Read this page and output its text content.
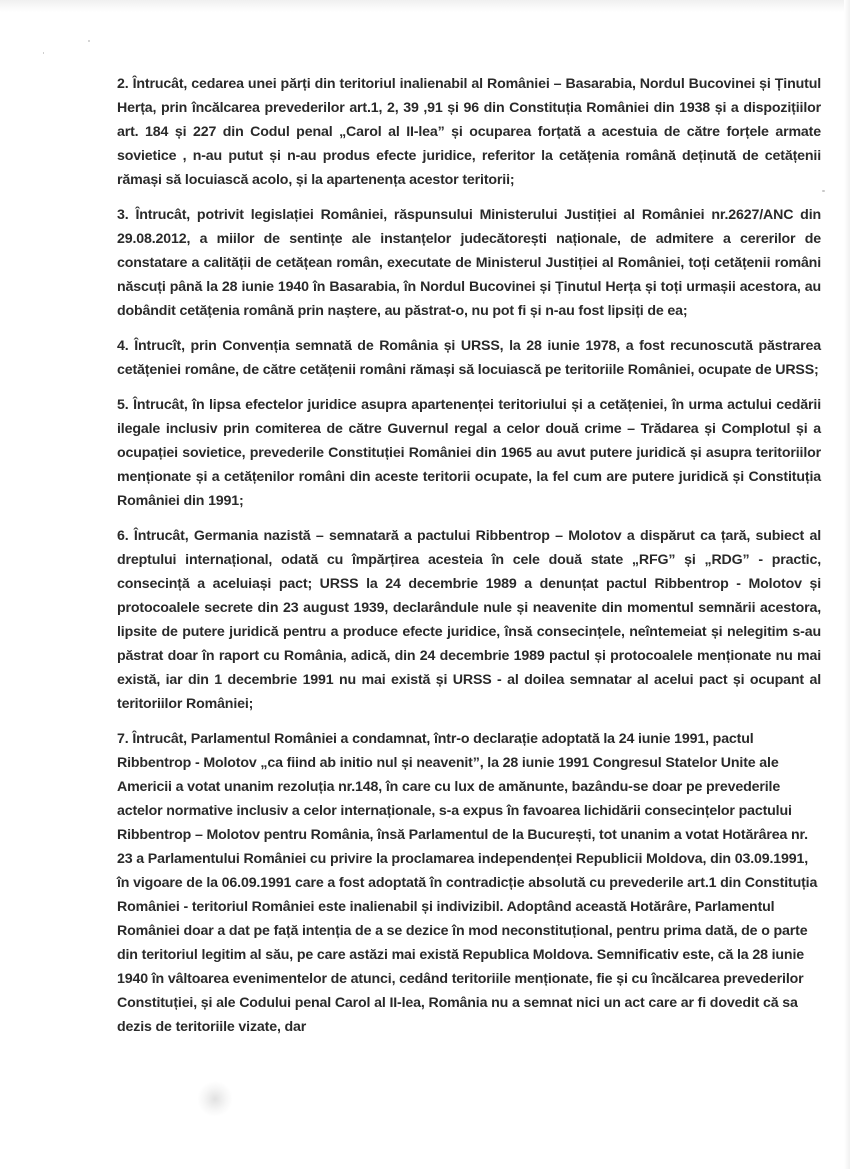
2. Întrucât, cedarea unei părți din teritoriul inalienabil al României – Basarabia, Nordul Bucovinei și Ținutul Herța, prin încălcarea prevederilor art.1, 2, 39 ,91 și 96 din Constituția României din 1938 și a dispozițiilor art. 184 și 227 din Codul penal „Carol al II-lea” și ocuparea forțată a acestuia de către forțele armate sovietice , n-au putut și n-au produs efecte juridice, referitor la cetățenia română deținută de cetățenii rămași să locuiască acolo, și la apartenența acestor teritorii;

3. Întrucât, potrivit legislației României, răspunsului Ministerului Justiției al României nr.2627/ANC din 29.08.2012, a miilor de sentințe ale instanțelor judecătorești naționale, de admitere a cererilor de constatare a calității de cetățean român, executate de Ministerul Justiției al României, toți cetățenii români născuți până la 28 iunie 1940 în Basarabia, în Nordul Bucovinei și Ținutul Herța și toți urmașii acestora, au dobândit cetățenia română prin naștere, au păstrat-o, nu pot fi și n-au fost lipsiți de ea;

4. Întrucît, prin Convenția semnată de România și URSS, la 28 iunie 1978, a fost recunoscută păstrarea cetățeniei române, de către cetățenii români rămași să locuiască pe teritoriile României, ocupate de URSS;

5. Întrucât, în lipsa efectelor juridice asupra apartenenței teritoriului și a cetățeniei, în urma actului cedării ilegale inclusiv prin comiterea de către Guvernul regal a celor două crime – Trădarea și Complotul și a ocupației sovietice, prevederile Constituției României din 1965 au avut putere juridică și asupra teritoriilor menționate și a cetățenilor români din aceste teritorii ocupate, la fel cum are putere juridică și Constituția României din 1991;

6. Întrucât, Germania nazistă – semnatară a pactului Ribbentrop – Molotov a dispărut ca țară, subiect al dreptului internațional, odată cu împărțirea acesteia în cele două state „RFG” și „RDG” - practic, consecință a aceluiași pact; URSS la 24 decembrie 1989 a denunțat pactul Ribbentrop - Molotov și protocoalele secrete din 23 august 1939, declarândule nule și neavenite din momentul semnării acestora, lipsite de putere juridică pentru a produce efecte juridice, însă consecințele, neîntemeiat și nelegitim s-au păstrat doar în raport cu România, adică, din 24 decembrie 1989 pactul și protocoalele menționate nu mai există, iar din 1 decembrie 1991 nu mai există și URSS - al doilea semnatar al acelui pact și ocupant al teritoriilor României;

7. Întrucât, Parlamentul României a condamnat, într-o declarație adoptată la 24 iunie 1991, pactul Ribbentrop - Molotov „ca fiind ab initio nul și neavenit”, la 28 iunie 1991 Congresul Statelor Unite ale Americii a votat unanim rezoluția nr.148, în care cu lux de amănunte, bazându-se doar pe prevederile actelor normative inclusiv a celor internaționale, s-a expus în favoarea lichidării consecințelor pactului Ribbentrop – Molotov pentru România, însă Parlamentul de la București, tot unanim a votat Hotărârea nr. 23 a Parlamentului României cu privire la proclamarea independenței Republicii Moldova, din 03.09.1991, în vigoare de la 06.09.1991 care a fost adoptată în contradicție absolută cu prevederile art.1 din Constituția României - teritoriul României este inalienabil și indivizibil. Adoptând această Hotărâre, Parlamentul României doar a dat pe față intenția de a se dezice în mod neconstituțional, pentru prima dată, de o parte din teritoriul legitim al său, pe care astăzi mai există Republica Moldova. Semnificativ este, că la 28 iunie 1940 în vâltoarea evenimentelor de atunci, cedând teritoriile menționate, fie și cu încălcarea prevederilor Constituției, și ale Codului penal Carol al II-lea, România nu a semnat nici un act care ar fi dovedit că sa dezis de teritoriile vizate, dar
